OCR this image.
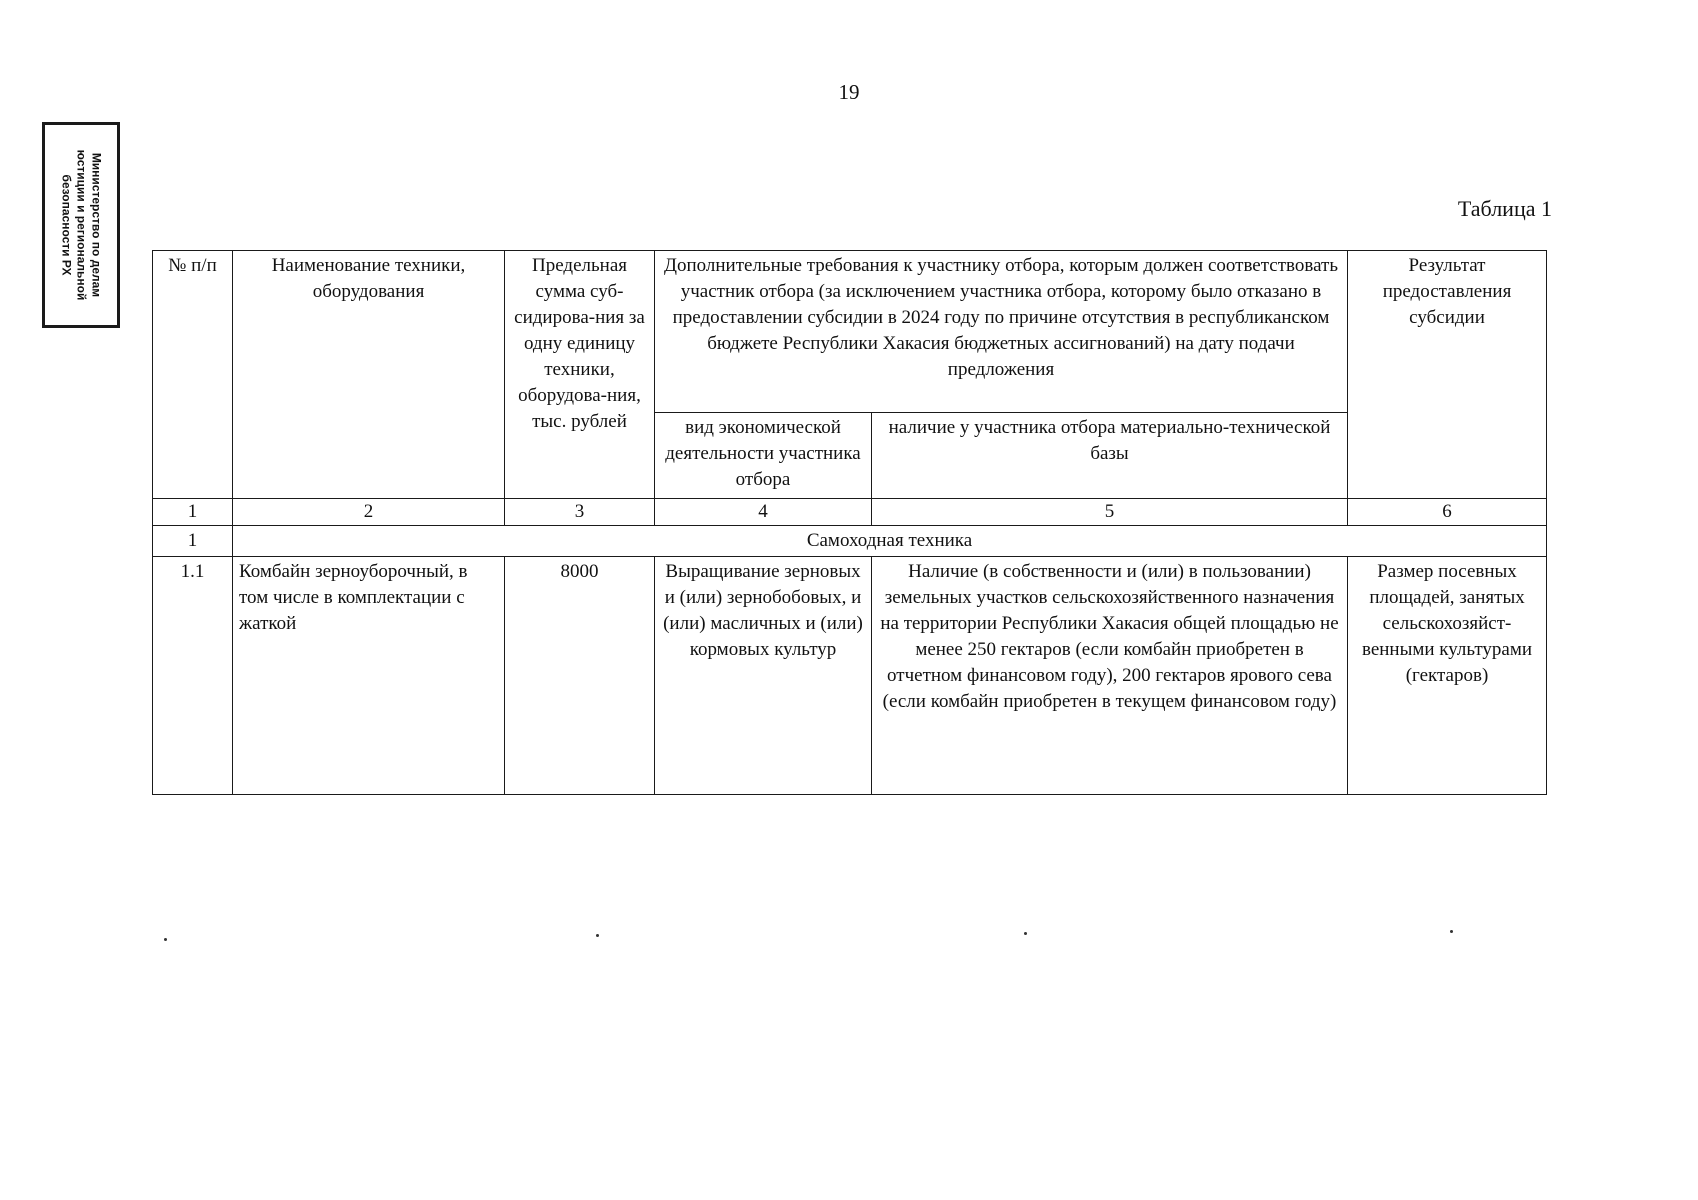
19
Министерство по делам
юстиции и региональной
безопасности РХ	Таблица 1
№ п/п	Наименование техники, оборудования	Предельная сумма суб-сидирова-ния за одну единицу техники, оборудова-ния, тыс. рублей	Дополнительные требования к участнику отбора, которым должен соответствовать участник отбора (за исключением участника отбора, которому было отказано в предоставлении субсидии в 2024 году по причине отсутствия в республиканском бюджете Республики Хакасия бюджетных ассигнований) на дату подачи предложения		Результат предоставления субсидии
			вид экономической деятельности участника отбора	наличие у участника отбора материально-технической базы	
1	2	3	4	5	6
1	Самоходная техника				
1.1	Комбайн зерноуборочный, в том числе в комплектации с жаткой	8000	Выращивание зерновых и (или) зернобобовых, и (или) масличных и (или) кормовых культур	Наличие (в собственности и (или) в пользовании) земельных участков сельскохозяйственного назначения на территории Республики Хакасия общей площадью не менее 250 гектаров (если комбайн приобретен в отчетном финансовом году), 200 гектаров ярового сева (если комбайн приобретен в текущем финансовом году)	Размер посевных площадей, занятых сельскохозяйст-венными культурами (гектаров)
